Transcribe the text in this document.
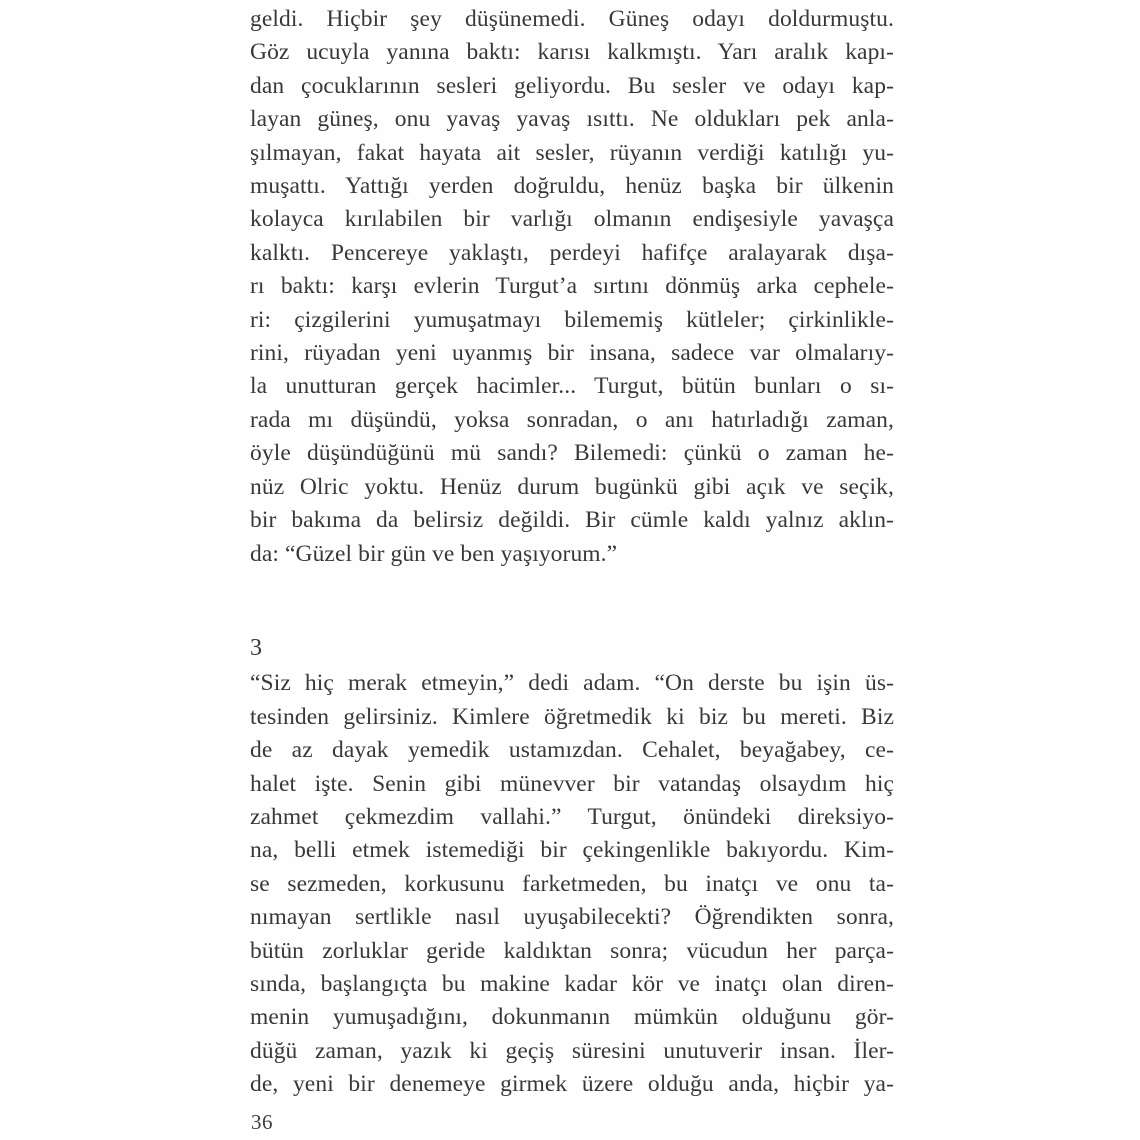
geldi. Hiçbir şey düşünemedi. Güneş odayı doldurmuştu.
Göz ucuyla yanına baktı: karısı kalkmıştı. Yarı aralık kapı-
dan çocuklarının sesleri geliyordu. Bu sesler ve odayı kap-
layan güneş, onu yavaş yavaş ısıttı. Ne oldukları pek anla-
şılmayan, fakat hayata ait sesler, rüyanın verdiği katılığı yu-
muşattı. Yattığı yerden doğruldu, henüz başka bir ülkenin
kolayca kırılabilen bir varlığı olmanın endişesiyle yavaşça
kalktı. Pencereye yaklaştı, perdeyi hafifçe aralayarak dışa-
rı baktı: karşı evlerin Turgut’a sırtını dönmüş arka cephele-
ri: çizgilerini yumuşatmayı bilememiş kütleler; çirkinlikle-
rini, rüyadan yeni uyanmış bir insana, sadece var olmalarıy-
la unutturan gerçek hacimler... Turgut, bütün bunları o sı-
rada mı düşündü, yoksa sonradan, o anı hatırladığı zaman,
öyle düşündüğünü mü sandı? Bilemedi: çünkü o zaman he-
nüz Olric yoktu. Henüz durum bugünkü gibi açık ve seçik,
bir bakıma da belirsiz değildi. Bir cümle kaldı yalnız aklın-
da: “Güzel bir gün ve ben yaşıyorum.”
3
“Siz hiç merak etmeyin,” dedi adam. “On derste bu işin üs-
tesinden gelirsiniz. Kimlere öğretmedik ki biz bu mereti. Biz
de az dayak yemedik ustamızdan. Cehalet, beyağabey, ce-
halet işte. Senin gibi münevver bir vatandaş olsaydım hiç
zahmet çekmezdim vallahi.” Turgut, önündeki direksiyo-
na, belli etmek istemediği bir çekingenlikle bakıyordu. Kim-
se sezmeden, korkusunu farketmeden, bu inatçı ve onu ta-
nımayan sertlikle nasıl uyuşabilecekti? Öğrendikten sonra,
bütün zorluklar geride kaldıktan sonra; vücudun her parça-
sında, başlangıçta bu makine kadar kör ve inatçı olan diren-
menin yumuşadığını, dokunmanın mümkün olduğunu gör-
düğü zaman, yazık ki geçiş süresini unutuverir insan. İler-
de, yeni bir denemeye girmek üzere olduğu anda, hiçbir ya-
36
